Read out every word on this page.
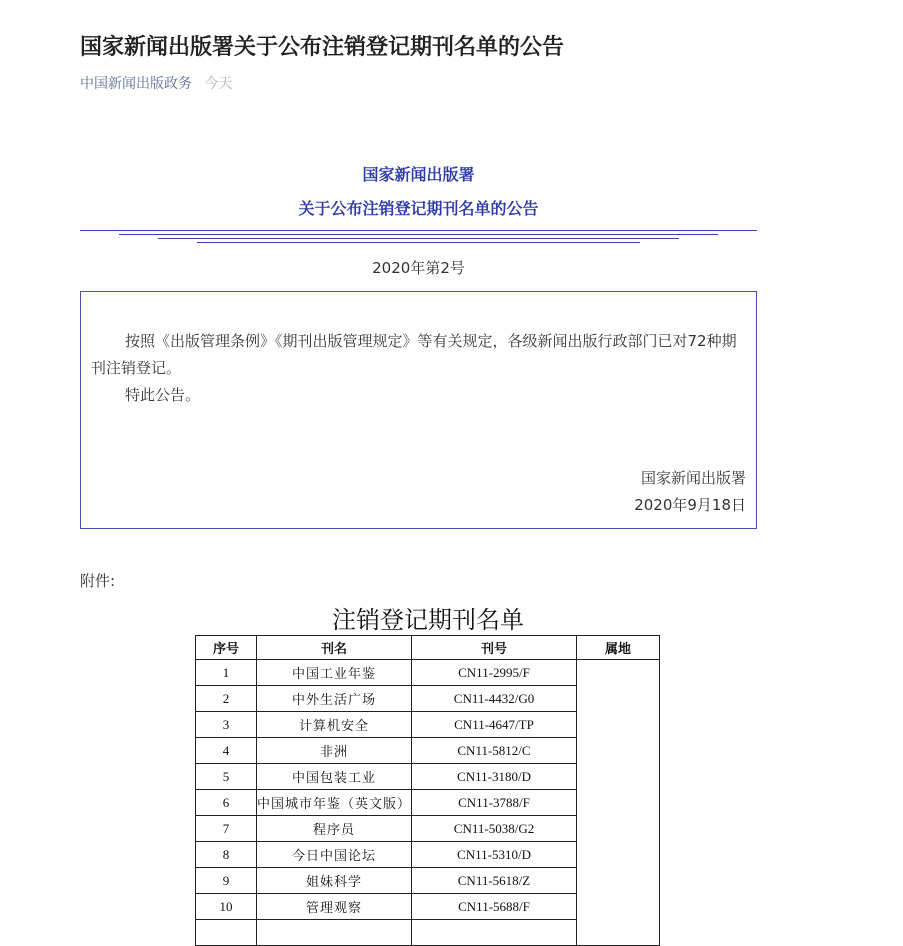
国家新闻出版署关于公布注销登记期刊名单的公告
中国新闻出版政务 今天
国家新闻出版署
关于公布注销登记期刊名单的公告
2020年第2号

按照《出版管理条例》《期刊出版管理规定》等有关规定，各级新闻出版行政部门已对72种期刊注销登记。

特此公告。

国家新闻出版署
2020年9月18日
附件:
注销登记期刊名单
序号	刊名	刊号	属地
1	中国工业年鉴	CN11-2995/F	
2	中外生活广场	CN11-4432/G0	
3	计算机安全	CN11-4647/TP	
4	非洲	CN11-5812/C	
5	中国包装工业	CN11-3180/D	
6	中国城市年鉴（英文版）	CN11-3788/F	
7	程序员	CN11-5038/G2	
8	今日中国论坛	CN11-5310/D	
9	姐妹科学	CN11-5618/Z	
10	管理观察	CN11-5688/F	
